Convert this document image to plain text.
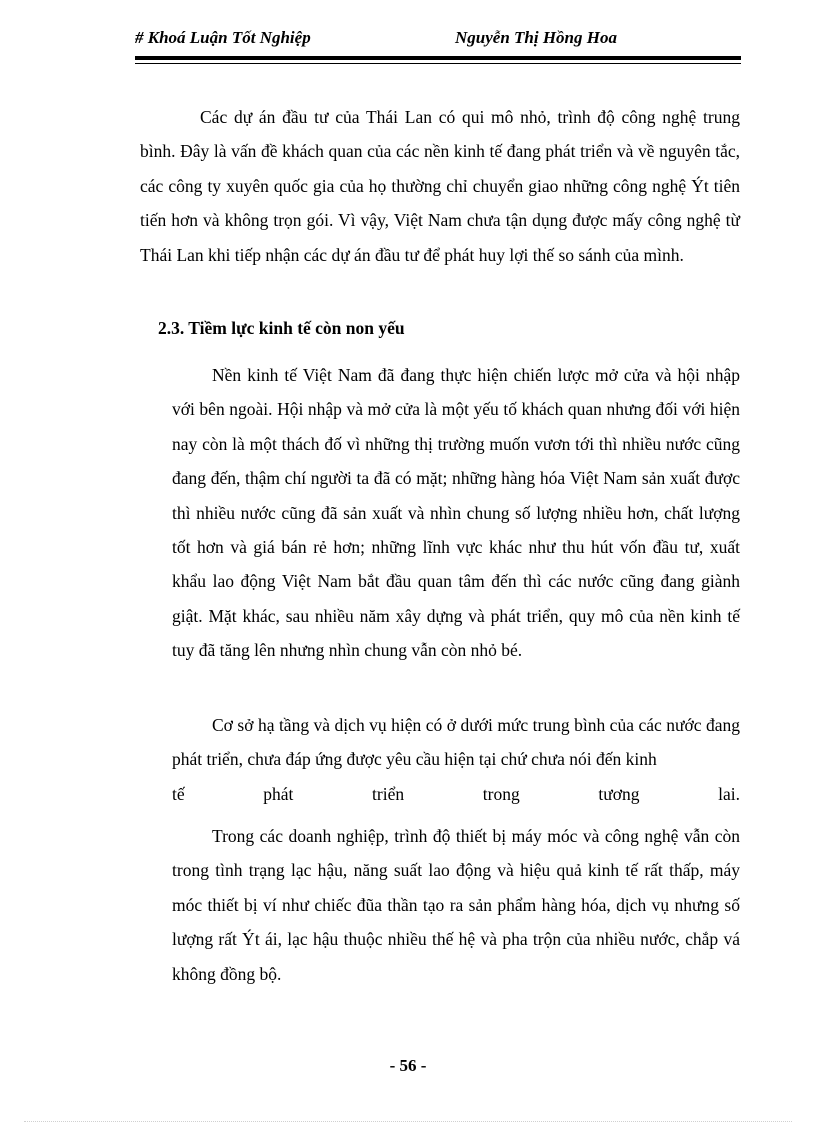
# Khoá Luận Tốt Nghiệp	Nguyễn Thị Hồng Hoa
Các dự án đầu tư của Thái Lan có qui mô nhỏ, trình độ công nghệ trung bình. Đây là vấn đề khách quan của các nền kinh tế đang phát triển và về nguyên tắc, các công ty xuyên quốc gia của họ thường chỉ chuyển giao những công nghệ Ýt tiên tiến hơn và không trọn gói. Vì vậy, Việt Nam chưa tận dụng được mấy công nghệ từ Thái Lan khi tiếp nhận các dự án đầu tư để phát huy lợi thế so sánh của mình.
2.3. Tiềm lực kinh tế còn non yếu
Nền kinh tế Việt Nam đã đang thực hiện chiến lược mở cửa và hội nhập với bên ngoài. Hội nhập và mở cửa là một yếu tố khách quan nhưng đối với hiện nay còn là một thách đố vì những thị trường muốn vươn tới thì nhiều nước cũng đang đến, thậm chí người ta đã có mặt; những hàng hóa Việt Nam sản xuất được thì nhiều nước cũng đã sản xuất và nhìn chung số lượng nhiều hơn, chất lượng tốt hơn và giá bán rẻ hơn; những lĩnh vực khác như thu hút vốn đầu tư, xuất khẩu lao động Việt Nam bắt đầu quan tâm đến thì các nước cũng đang giành giật. Mặt khác, sau nhiều năm xây dựng và phát triển, quy mô của nền kinh tế tuy đã tăng lên nhưng nhìn chung vẫn còn nhỏ bé.
Cơ sở hạ tầng và dịch vụ hiện có ở dưới mức trung bình của các nước đang phát triển, chưa đáp ứng được yêu cầu hiện tại chứ chưa nói đến kinh
tế phát triển trong tương lai.
Trong các doanh nghiệp, trình độ thiết bị máy móc và công nghệ vẫn còn trong tình trạng lạc hậu, năng suất lao động và hiệu quả kinh tế rất thấp, máy móc thiết bị ví như chiếc đũa thần tạo ra sản phẩm hàng hóa, dịch vụ nhưng số lượng rất Ýt ái, lạc hậu thuộc nhiều thế hệ và pha trộn của nhiều nước, chắp vá không đồng bộ.
- 56 -
